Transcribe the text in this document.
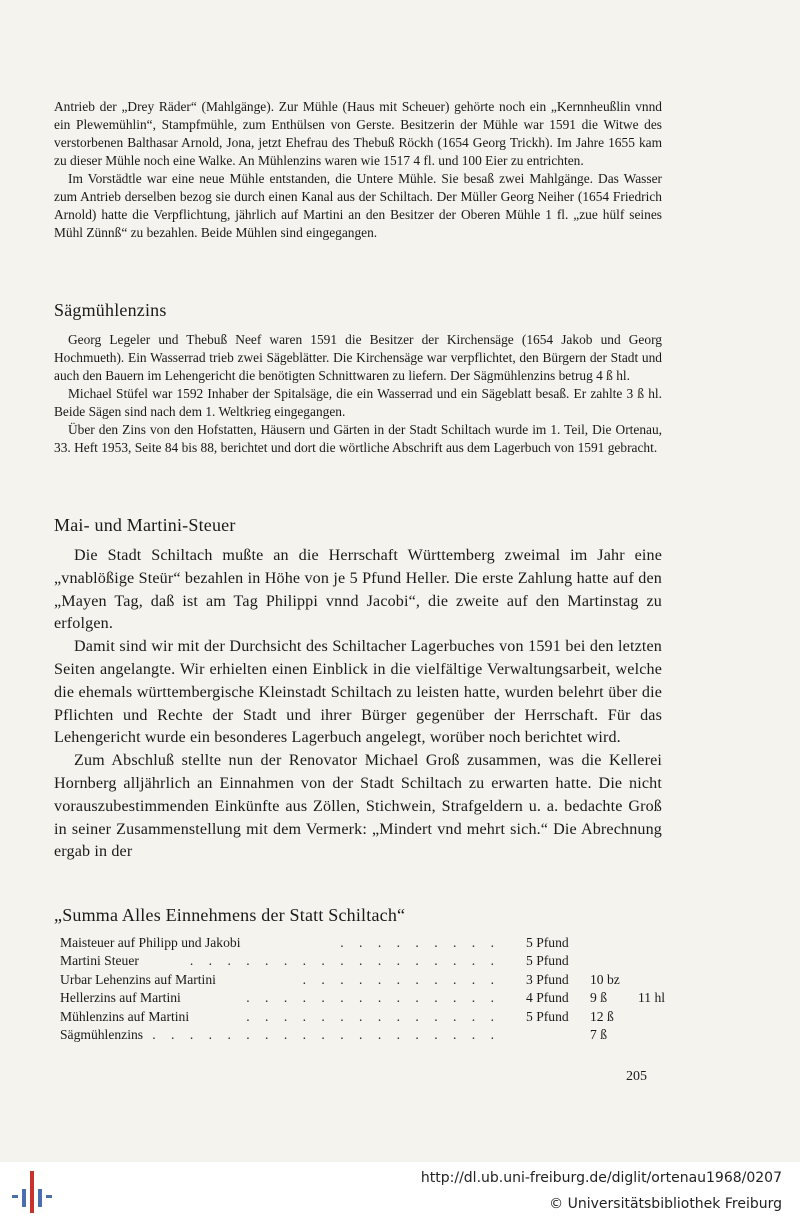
Antrieb der „Drey Räder“ (Mahlgänge). Zur Mühle (Haus mit Scheuer) gehörte noch ein „Kernnheußlin vnnd ein Plewemühlin“, Stampfmühle, zum Enthülsen von Gerste. Besitzerin der Mühle war 1591 die Witwe des verstorbenen Balthasar Arnold, Jona, jetzt Ehefrau des Thebuß Röckh (1654 Georg Trickh). Im Jahre 1655 kam zu dieser Mühle noch eine Walke. An Mühlenzins waren wie 1517 4 fl. und 100 Eier zu entrichten.

Im Vorstädtle war eine neue Mühle entstanden, die Untere Mühle. Sie besaß zwei Mahlgänge. Das Wasser zum Antrieb derselben bezog sie durch einen Kanal aus der Schiltach. Der Müller Georg Neiher (1654 Friedrich Arnold) hatte die Verpflichtung, jährlich auf Martini an den Besitzer der Oberen Mühle 1 fl. „zue hülf seines Mühl Zünnß“ zu bezahlen. Beide Mühlen sind eingegangen.

Sägmühlenzins

Georg Legeler und Thebuß Neef waren 1591 die Besitzer der Kirchensäge (1654 Jakob und Georg Hochmueth). Ein Wasserrad trieb zwei Sägeblätter. Die Kirchensäge war verpflichtet, den Bürgern der Stadt und auch den Bauern im Lehengericht die benötigten Schnittwaren zu liefern. Der Sägmühlenzins betrug 4 ß hl.

Michael Stüfel war 1592 Inhaber der Spitalsäge, die ein Wasserrad und ein Sägeblatt besaß. Er zahlte 3 ß hl. Beide Sägen sind nach dem 1. Weltkrieg eingegangen.

Über den Zins von den Hofstatten, Häusern und Gärten in der Stadt Schiltach wurde im 1. Teil, Die Ortenau, 33. Heft 1953, Seite 84 bis 88, berichtet und dort die wörtliche Abschrift aus dem Lagerbuch von 1591 gebracht.

Mai- und Martini-Steuer

Die Stadt Schiltach mußte an die Herrschaft Württemberg zweimal im Jahr eine „vnablößige Steür“ bezahlen in Höhe von je 5 Pfund Heller. Die erste Zahlung hatte auf den „Mayen Tag, daß ist am Tag Philippi vnnd Jacobi“, die zweite auf den Martinstag zu erfolgen.

Damit sind wir mit der Durchsicht des Schiltacher Lagerbuches von 1591 bei den letzten Seiten angelangte. Wir erhielten einen Einblick in die vielfältige Verwaltungsarbeit, welche die ehemals württembergische Kleinstadt Schiltach zu leisten hatte, wurden belehrt über die Pflichten und Rechte der Stadt und ihrer Bürger gegenüber der Herrschaft. Für das Lehengericht wurde ein besonderes Lagerbuch angelegt, worüber noch berichtet wird.

Zum Abschluß stellte nun der Renovator Michael Groß zusammen, was die Kellerei Hornberg alljährlich an Einnahmen von der Stadt Schiltach zu erwarten hatte. Die nicht vorauszubestimmenden Einkünfte aus Zöllen, Stichwein, Strafgeldern u. a. bedachte Groß in seiner Zusammenstellung mit dem Vermerk: „Mindert vnd mehrt sich.“ Die Abrechnung ergab in der

„Summa Alles Einnehmens der Statt Schiltach“
. . . . . . . . .
Maisteuer auf Philipp und Jakobi	5 Pfund
. . . . . . . . . . . . . . . . .
Martini Steuer	5 Pfund
. . . . . . . . . . .
Urbar Lehenzins auf Martini	3 Pfund 10 bz
. . . . . . . . . . . . . .
Hellerzins auf Martini	4 Pfund 9 ß 11 hl
. . . . . . . . . . . . . .
Mühlenzins auf Martini	5 Pfund 12 ß
. . . . . . . . . . . . . . . . . . .
Sägmühlenzins	7 ß
205
http://dl.ub.uni-freiburg.de/diglit/ortenau1968/0207
© Universitätsbibliothek Freiburg
